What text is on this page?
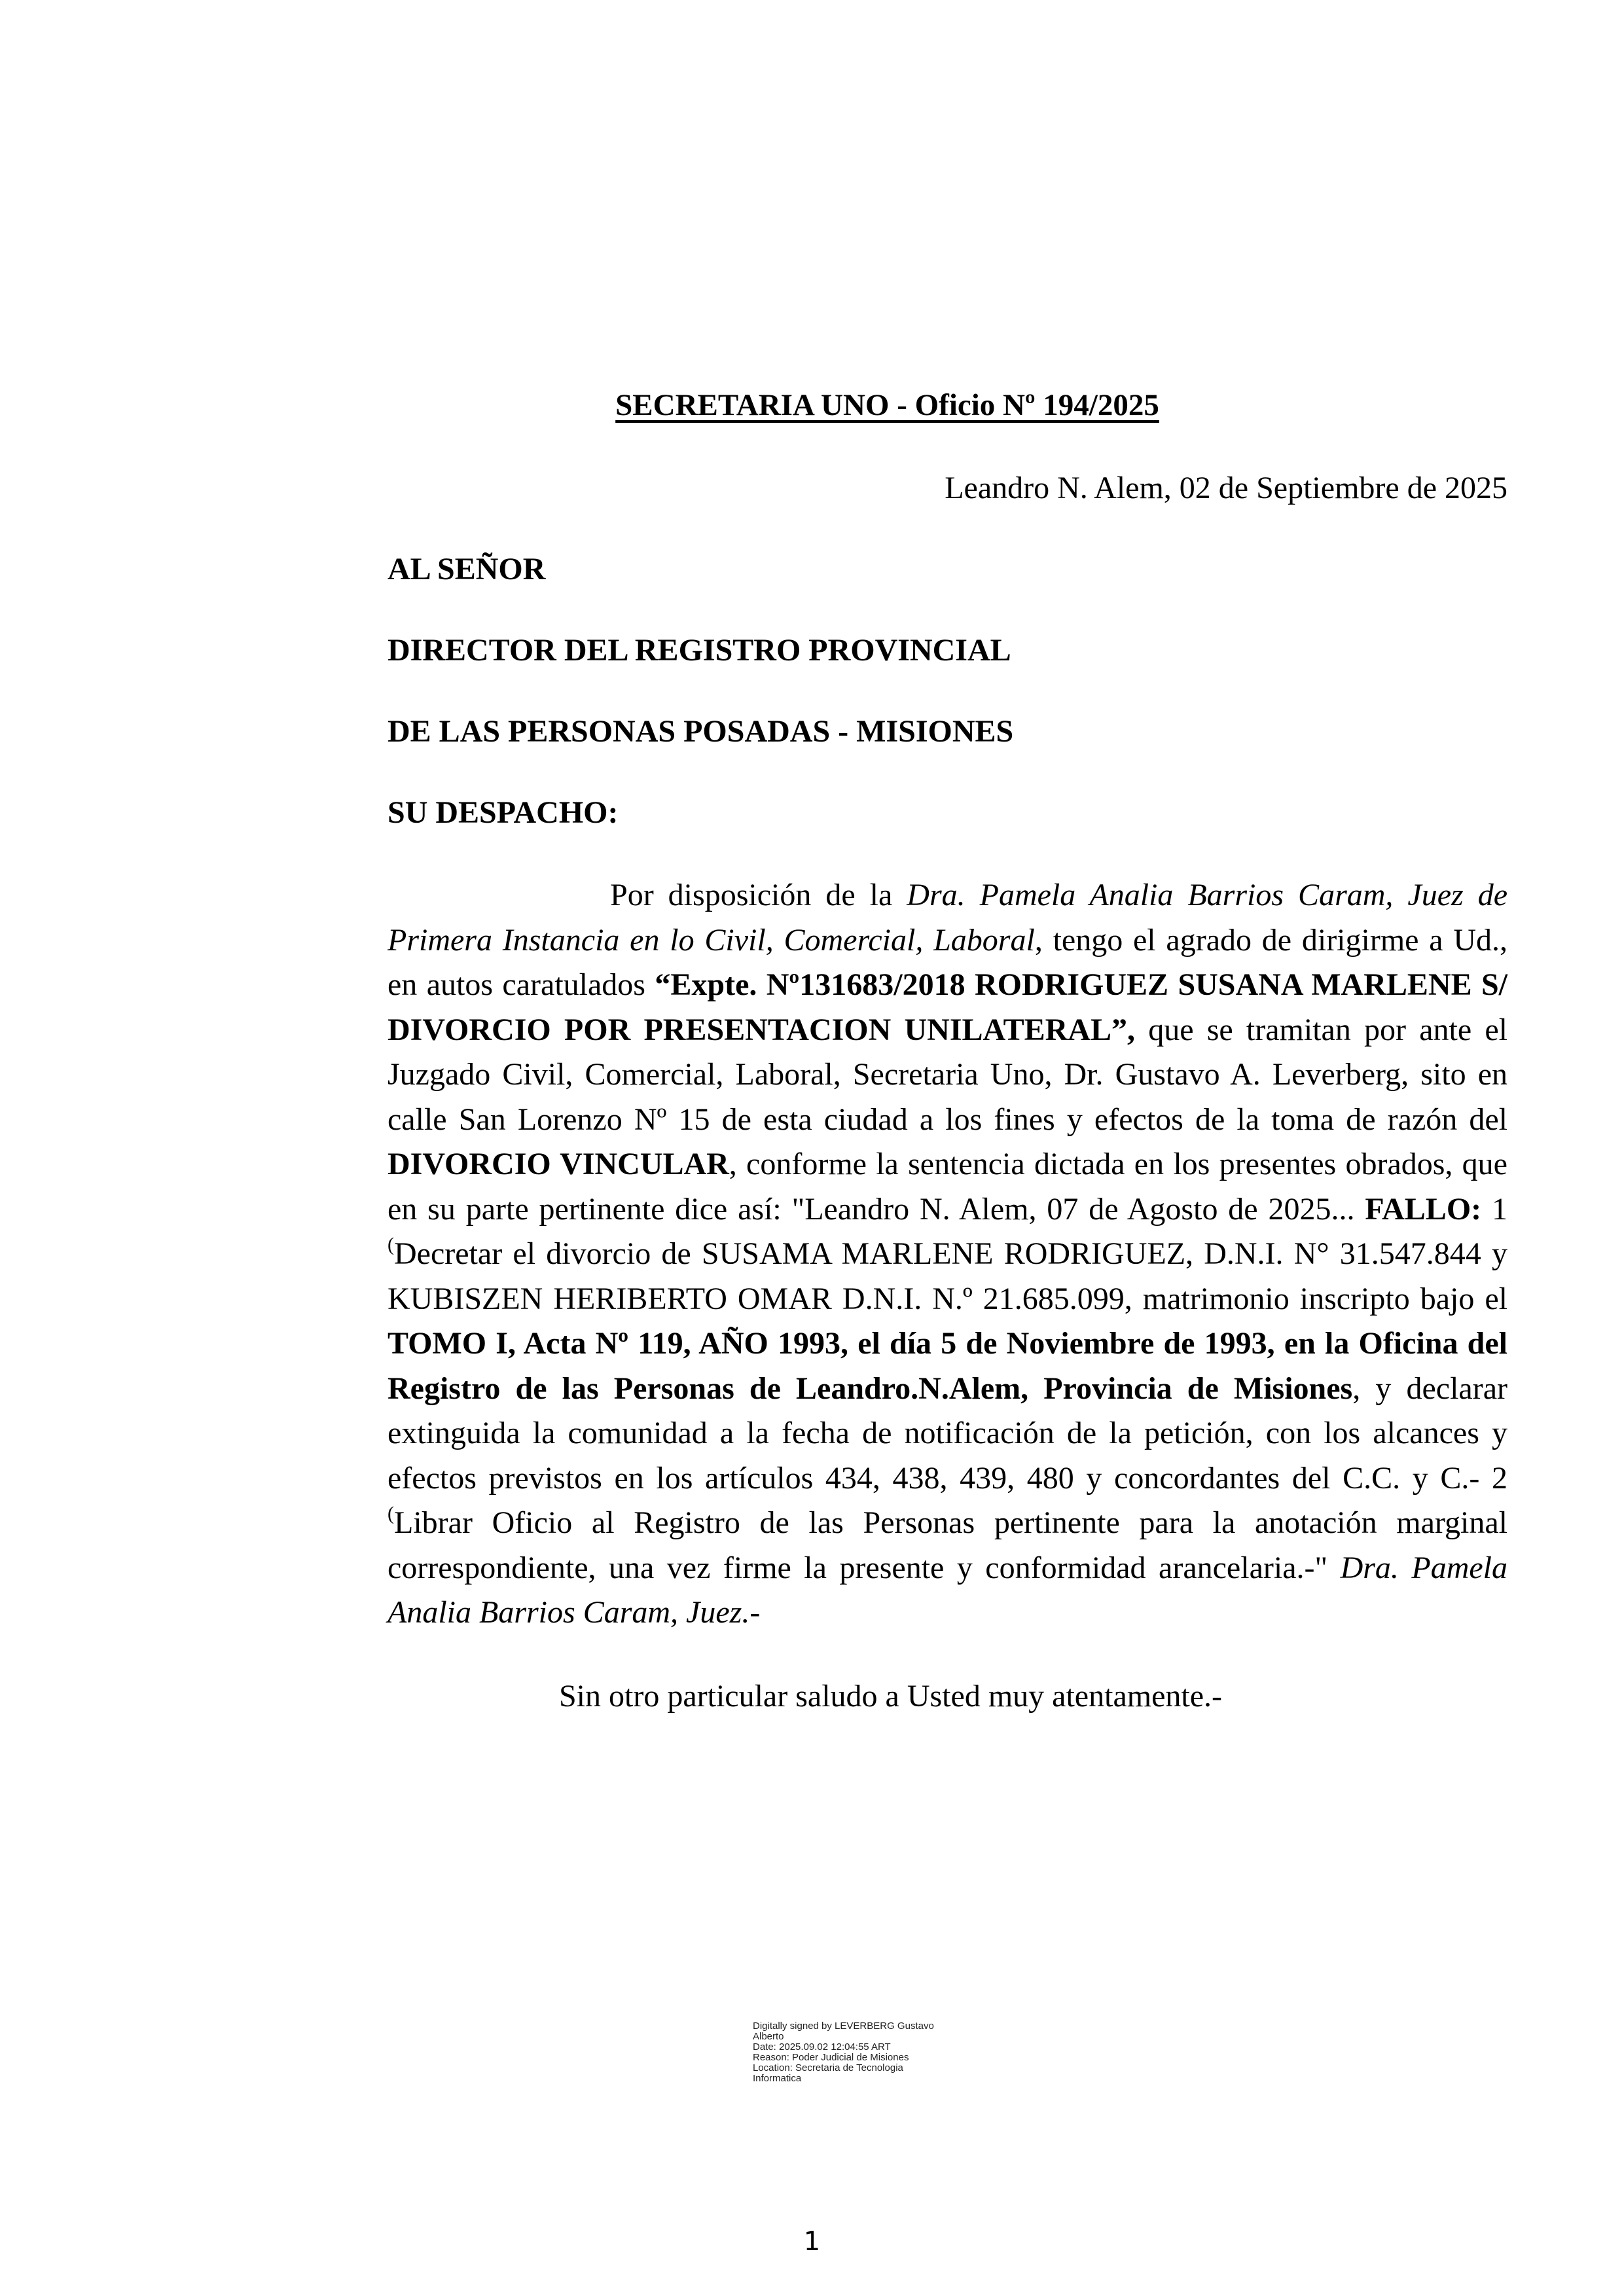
SECRETARIA UNO - Oficio Nº 194/2025
Leandro N. Alem, 02 de Septiembre de 2025
AL SEÑOR
DIRECTOR DEL REGISTRO PROVINCIAL
DE LAS PERSONAS POSADAS - MISIONES
SU DESPACHO:
Por disposición de la Dra. Pamela Analia Barrios Caram, Juez de Primera Instancia en lo Civil, Comercial, Laboral, tengo el agrado de dirigirme a Ud., en autos caratulados “Expte. Nº131683/2018 RODRIGUEZ SUSANA MARLENE S/ DIVORCIO POR PRESENTACION UNILATERAL”, que se tramitan por ante el Juzgado Civil, Comercial, Laboral, Secretaria Uno, Dr. Gustavo A. Leverberg, sito en calle San Lorenzo Nº 15 de esta ciudad a los fines y efectos de la toma de razón del DIVORCIO VINCULAR, conforme la sentencia dictada en los presentes obrados, que en su parte pertinente dice así: "Leandro N. Alem, 07 de Agosto de 2025... FALLO: 1 (Decretar el divorcio de SUSAMA MARLENE RODRIGUEZ, D.N.I. N° 31.547.844 y KUBISZEN HERIBERTO OMAR D.N.I. N.º 21.685.099, matrimonio inscripto bajo el TOMO I, Acta Nº 119, AÑO 1993, el día 5 de Noviembre de 1993, en la Oficina del Registro de las Personas de Leandro.N.Alem, Provincia de Misiones, y declarar extinguida la comunidad a la fecha de notificación de la petición, con los alcances y efectos previstos en los artículos 434, 438, 439, 480 y concordantes del C.C. y C.- 2 (Librar Oficio al Registro de las Personas pertinente para la anotación marginal correspondiente, una vez firme la presente y conformidad arancelaria.-" Dra. Pamela Analia Barrios Caram, Juez.-
Sin otro particular saludo a Usted muy atentamente.-
Digitally signed by LEVERBERG Gustavo
Alberto
Date: 2025.09.02 12:04:55 ART
Reason: Poder Judicial de Misiones
Location: Secretaria de Tecnologia
Informatica
1
